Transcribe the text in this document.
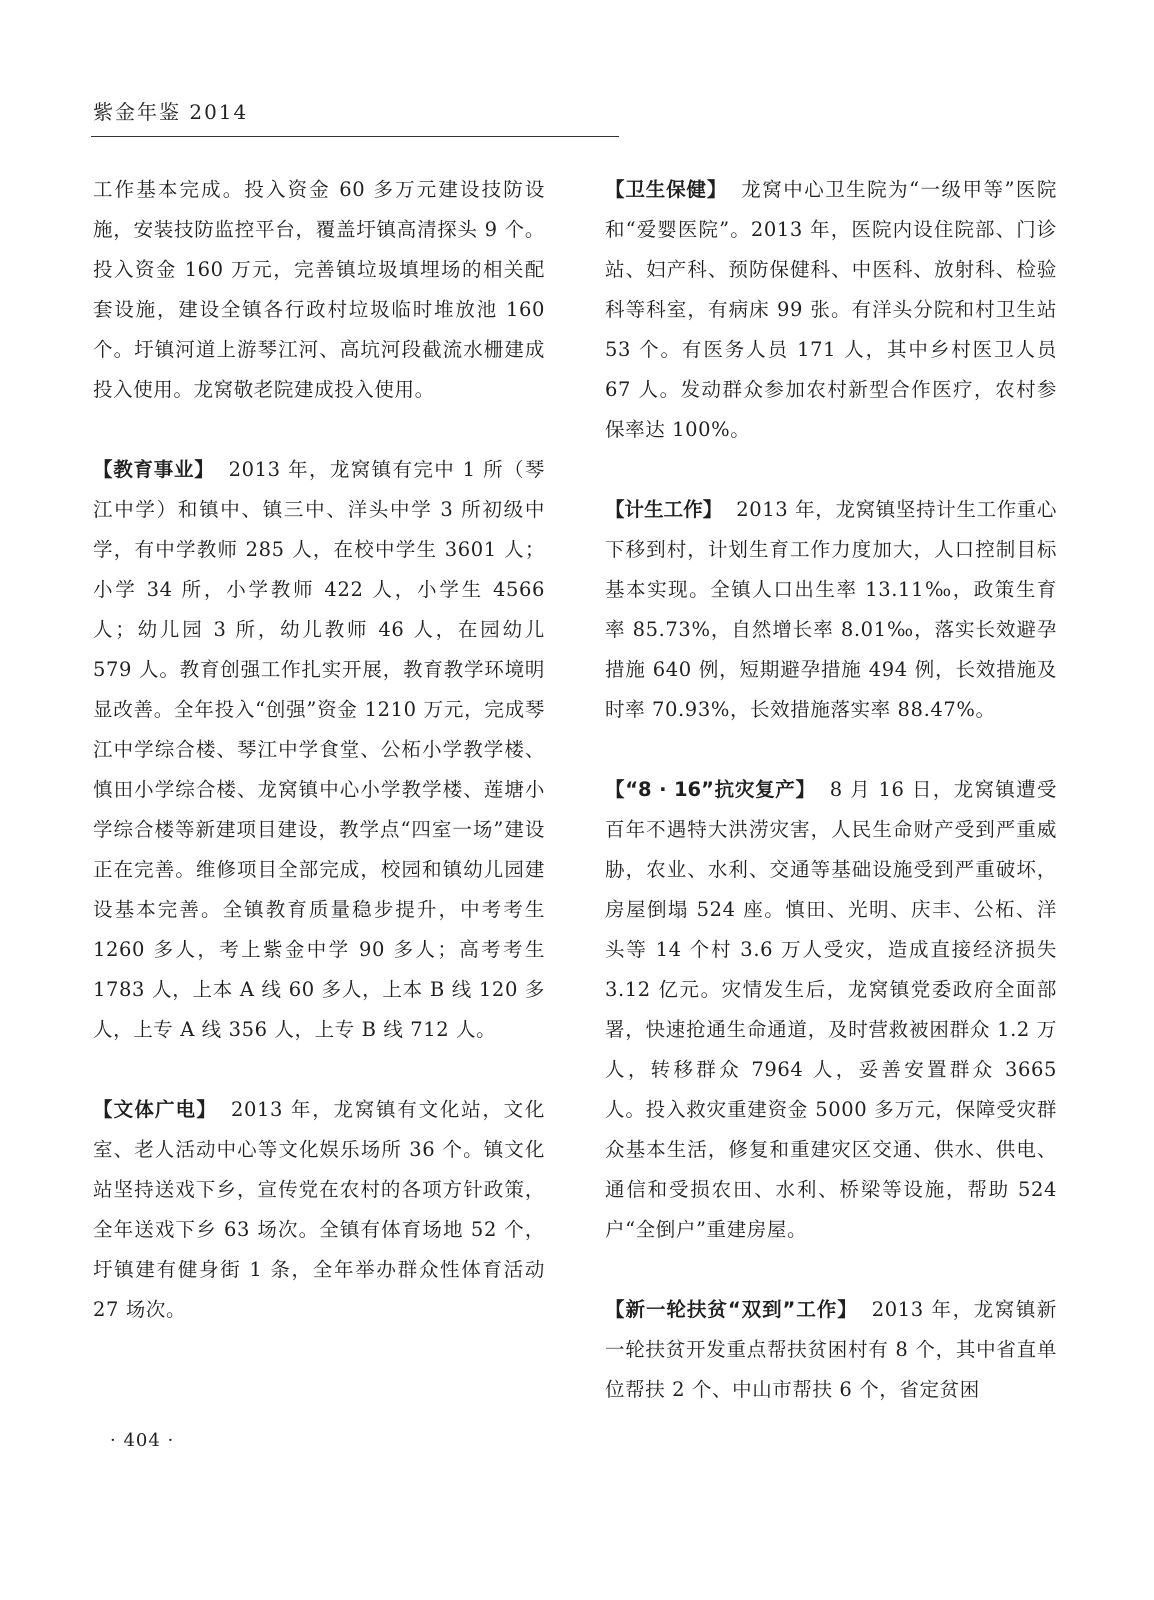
紫金年鉴 2014

工作基本完成。投入资金 60 多万元建设技防设施，安装技防监控平台，覆盖圩镇高清探头 9 个。投入资金 160 万元，完善镇垃圾填埋场的相关配套设施，建设全镇各行政村垃圾临时堆放池 160 个。圩镇河道上游琴江河、高坑河段截流水栅建成投入使用。龙窝敬老院建成投入使用。

【教育事业】 2013 年，龙窝镇有完中 1 所（琴江中学）和镇中、镇三中、洋头中学 3 所初级中学，有中学教师 285 人，在校中学生 3601 人；小学 34 所，小学教师 422 人，小学生 4566 人；幼儿园 3 所，幼儿教师 46 人，在园幼儿 579 人。教育创强工作扎实开展，教育教学环境明显改善。全年投入“创强”资金 1210 万元，完成琴江中学综合楼、琴江中学食堂、公柘小学教学楼、慎田小学综合楼、龙窝镇中心小学教学楼、莲塘小学综合楼等新建项目建设，教学点“四室一场”建设正在完善。维修项目全部完成，校园和镇幼儿园建设基本完善。全镇教育质量稳步提升，中考考生 1260 多人，考上紫金中学 90 多人；高考考生 1783 人，上本 A 线 60 多人，上本 B 线 120 多人，上专 A 线 356 人，上专 B 线 712 人。

【文体广电】 2013 年，龙窝镇有文化站，文化室、老人活动中心等文化娱乐场所 36 个。镇文化站坚持送戏下乡，宣传党在农村的各项方针政策，全年送戏下乡 63 场次。全镇有体育场地 52 个，圩镇建有健身街 1 条，全年举办群众性体育活动 27 场次。

【卫生保健】 龙窝中心卫生院为“一级甲等”医院和“爱婴医院”。2013 年，医院内设住院部、门诊站、妇产科、预防保健科、中医科、放射科、检验科等科室，有病床 99 张。有洋头分院和村卫生站 53 个。有医务人员 171 人，其中乡村医卫人员 67 人。发动群众参加农村新型合作医疗，农村参保率达 100%。

【计生工作】 2013 年，龙窝镇坚持计生工作重心下移到村，计划生育工作力度加大，人口控制目标基本实现。全镇人口出生率 13.11‰，政策生育率 85.73%，自然增长率 8.01‰，落实长效避孕措施 640 例，短期避孕措施 494 例，长效措施及时率 70.93%，长效措施落实率 88.47%。

【“8 · 16”抗灾复产】 8 月 16 日，龙窝镇遭受百年不遇特大洪涝灾害，人民生命财产受到严重威胁，农业、水利、交通等基础设施受到严重破坏，房屋倒塌 524 座。慎田、光明、庆丰、公柘、洋头等 14 个村 3.6 万人受灾，造成直接经济损失 3.12 亿元。灾情发生后，龙窝镇党委政府全面部署，快速抢通生命通道，及时营救被困群众 1.2 万人，转移群众 7964 人，妥善安置群众 3665 人。投入救灾重建资金 5000 多万元，保障受灾群众基本生活，修复和重建灾区交通、供水、供电、通信和受损农田、水利、桥梁等设施，帮助 524 户“全倒户”重建房屋。

【新一轮扶贫“双到”工作】 2013 年，龙窝镇新一轮扶贫开发重点帮扶贫困村有 8 个，其中省直单位帮扶 2 个、中山市帮扶 6 个，省定贫困

· 404 ·
